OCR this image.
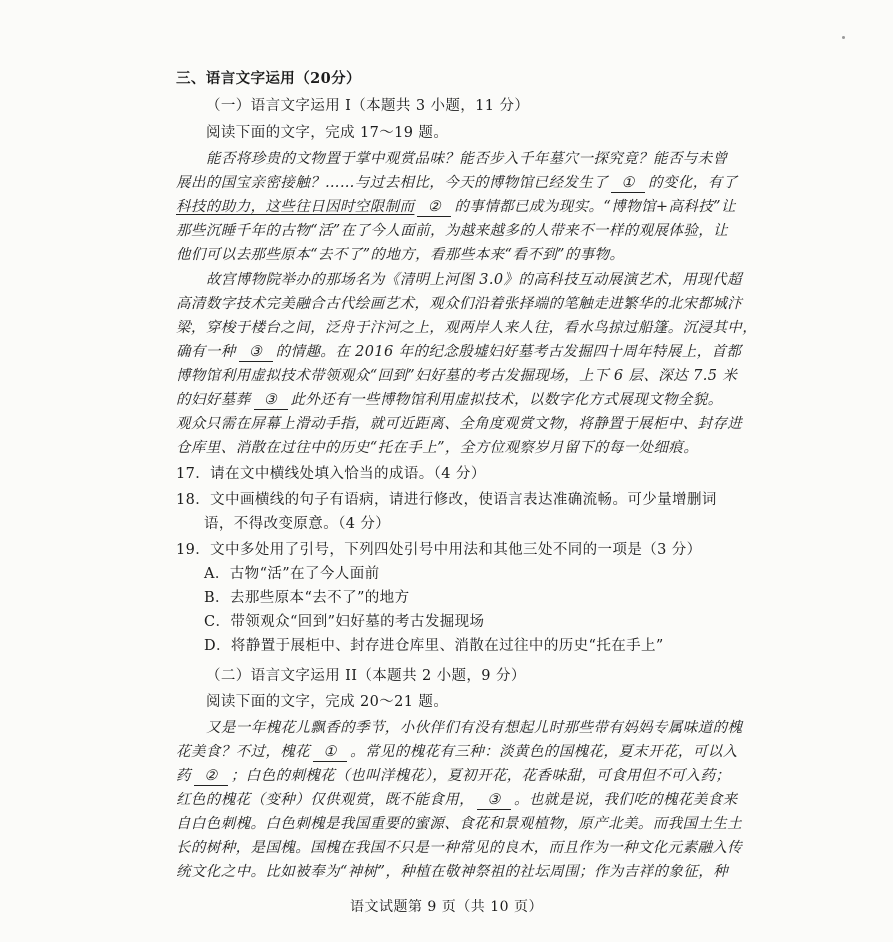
三、语言文字运用（20分）
（一）语言文字运用 I（本题共 3 小题，11 分）
阅读下面的文字，完成 17～19 题。
能否将珍贵的文物置于掌中观赏品味？能否步入千年墓穴一探究竟？能否与未曾
展出的国宝亲密接触？……与过去相比，今天的博物馆已经发生了 ① 的变化，有了
科技的助力，这些往日因时空限制而 ② 的事情都已成为现实。“博物馆+高科技”让
那些沉睡千年的古物“活”在了今人面前，为越来越多的人带来不一样的观展体验，让
他们可以去那些原本“去不了”的地方，看那些本来“看不到”的事物。
故宫博物院举办的那场名为《清明上河图 3.0》的高科技互动展演艺术，用现代超
高清数字技术完美融合古代绘画艺术，观众们沿着张择端的笔触走进繁华的北宋都城汴
梁，穿梭于楼台之间，泛舟于汴河之上，观两岸人来人往，看水鸟掠过船篷。沉浸其中，
确有一种 ③ 的情趣。在 2016 年的纪念殷墟妇好墓考古发掘四十周年特展上，首都
博物馆利用虚拟技术带领观众“回到”妇好墓的考古发掘现场，上下 6 层、深达 7.5 米
的妇好墓葬 ③ 此外还有一些博物馆利用虚拟技术，以数字化方式展现文物全貌。
观众只需在屏幕上滑动手指，就可近距离、全角度观赏文物，将静置于展柜中、封存进
仓库里、消散在过往中的历史“托在手上”，全方位观察岁月留下的每一处细痕。
17．请在文中横线处填入恰当的成语。（4 分）
18．文中画横线的句子有语病，请进行修改，使语言表达准确流畅。可少量增删词
语，不得改变原意。（4 分）
19．文中多处用了引号，下列四处引号中用法和其他三处不同的一项是（3 分）
A．古物“活”在了今人面前
B．去那些原本“去不了”的地方
C．带领观众“回到”妇好墓的考古发掘现场
D．将静置于展柜中、封存进仓库里、消散在过往中的历史“托在手上”
（二）语言文字运用 II（本题共 2 小题，9 分）
阅读下面的文字，完成 20～21 题。
又是一年槐花儿飘香的季节，小伙伴们有没有想起儿时那些带有妈妈专属味道的槐
花美食？不过，槐花 ① 。常见的槐花有三种：淡黄色的国槐花，夏末开花，可以入
药 ② ；白色的刺槐花（也叫洋槐花），夏初开花，花香味甜，可食用但不可入药；
红色的槐花（变种）仅供观赏，既不能食用， ③ 。也就是说，我们吃的槐花美食来
自白色刺槐。白色刺槐是我国重要的蜜源、食花和景观植物，原产北美。而我国土生土
长的树种，是国槐。国槐在我国不只是一种常见的良木，而且作为一种文化元素融入传
统文化之中。比如被奉为“神树”，种植在敬神祭祖的社坛周围；作为吉祥的象征，种
语文试题第 9 页（共 10 页）
